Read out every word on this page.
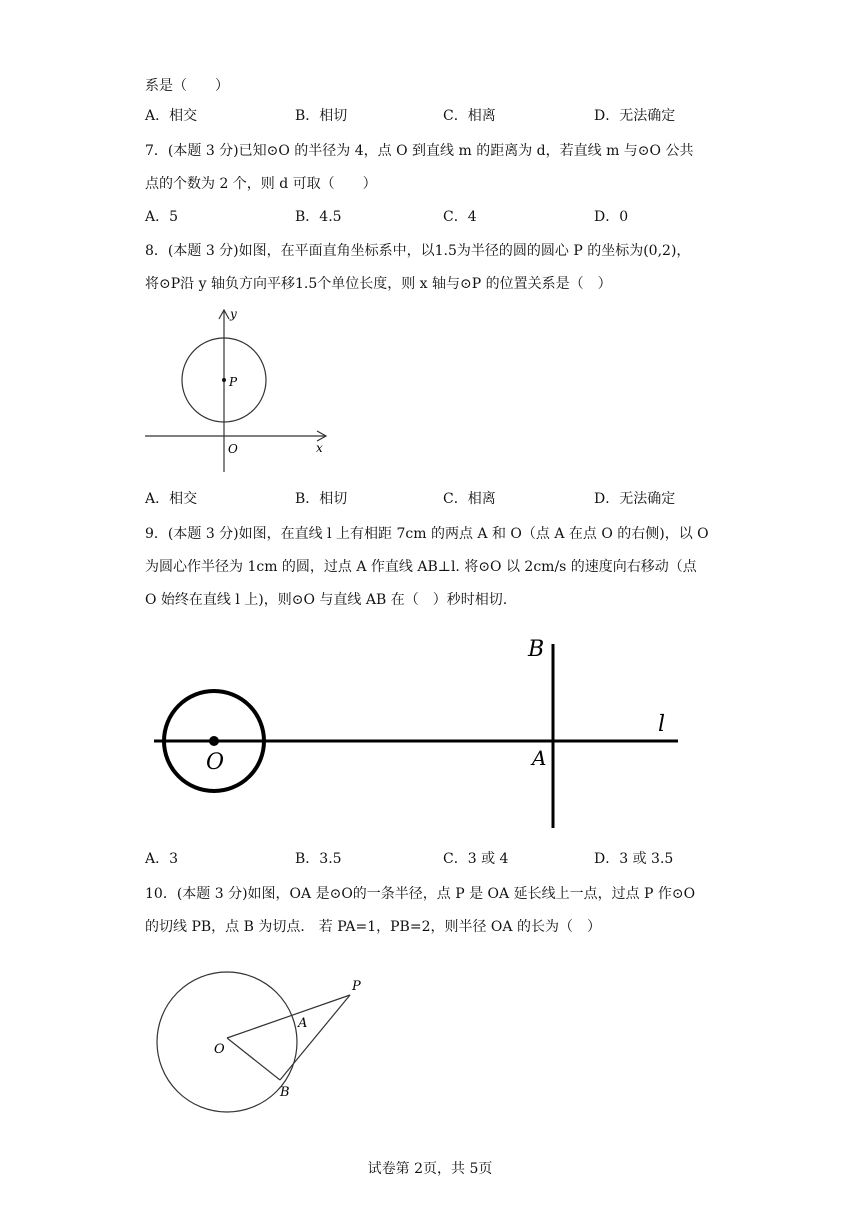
系是（　　）
A．相交	B．相切	C．相离	D．无法确定
7．(本题 3 分)已知⊙O 的半径为 4，点 O 到直线 m 的距离为 d，若直线 m 与⊙O 公共
点的个数为 2 个，则 d 可取（　　）
A．5	B．4.5	C．4	D．0
8．(本题 3 分)如图，在平面直角坐标系中，以1.5为半径的圆的圆心 P 的坐标为(0,2)，
将⊙P沿 y 轴负方向平移1.5个单位长度，则 x 轴与⊙P 的位置关系是（　）
y
x
P
O
A．相交	B．相切	C．相离	D．无法确定
9．(本题 3 分)如图，在直线 l 上有相距 7cm 的两点 A 和 O（点 A 在点 O 的右侧)，以 O
为圆心作半径为 1cm 的圆，过点 A 作直线 AB⊥l. 将⊙O 以 2cm/s 的速度向右移动（点
O 始终在直线 l 上)，则⊙O 与直线 AB 在（　）秒时相切.
B
l
O	A
A．3	B．3.5	C．3 或 4	D．3 或 3.5
10．(本题 3 分)如图，OA 是⊙O的一条半径，点 P 是 OA 延长线上一点，过点 P 作⊙O
的切线 PB，点 B 为切点． 若 PA=1，PB=2，则半径 OA 的长为（　）
P
A
O
B
试卷第 2页，共 5页
